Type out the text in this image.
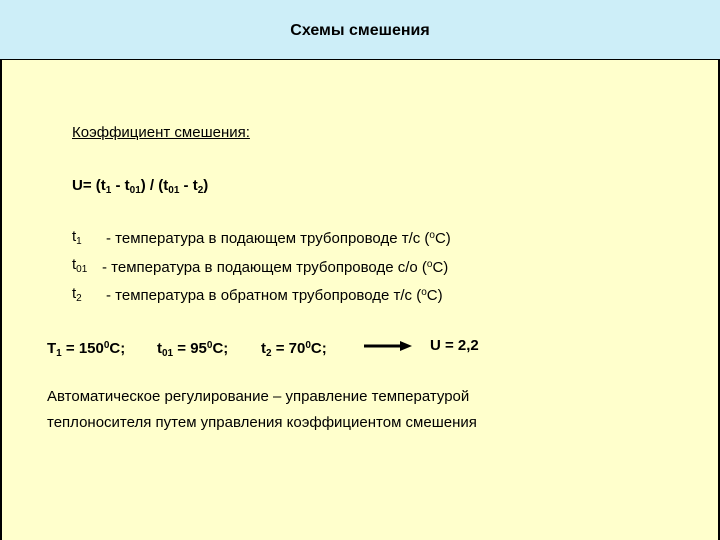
Схемы смешения
Коэффициент смешения:
$U= (t_1 - t_{01}) / (t_{01} - t_2)$
$t_1$ - температура в подающем трубопроводе т/с ($^o$C)
$t_{01}$ - температура в подающем трубопроводе с/о ($^o$C)
$t_2$ - температура в обратном трубопроводе т/с ($^o$C)
$T_1 = 150^0C$; $t_{01} = 95^0C$; $t_2 = 70^0C$;	U = 2,2
Автоматическое регулирование – управление температурой
теплоносителя путем управления коэффициентом смешения
